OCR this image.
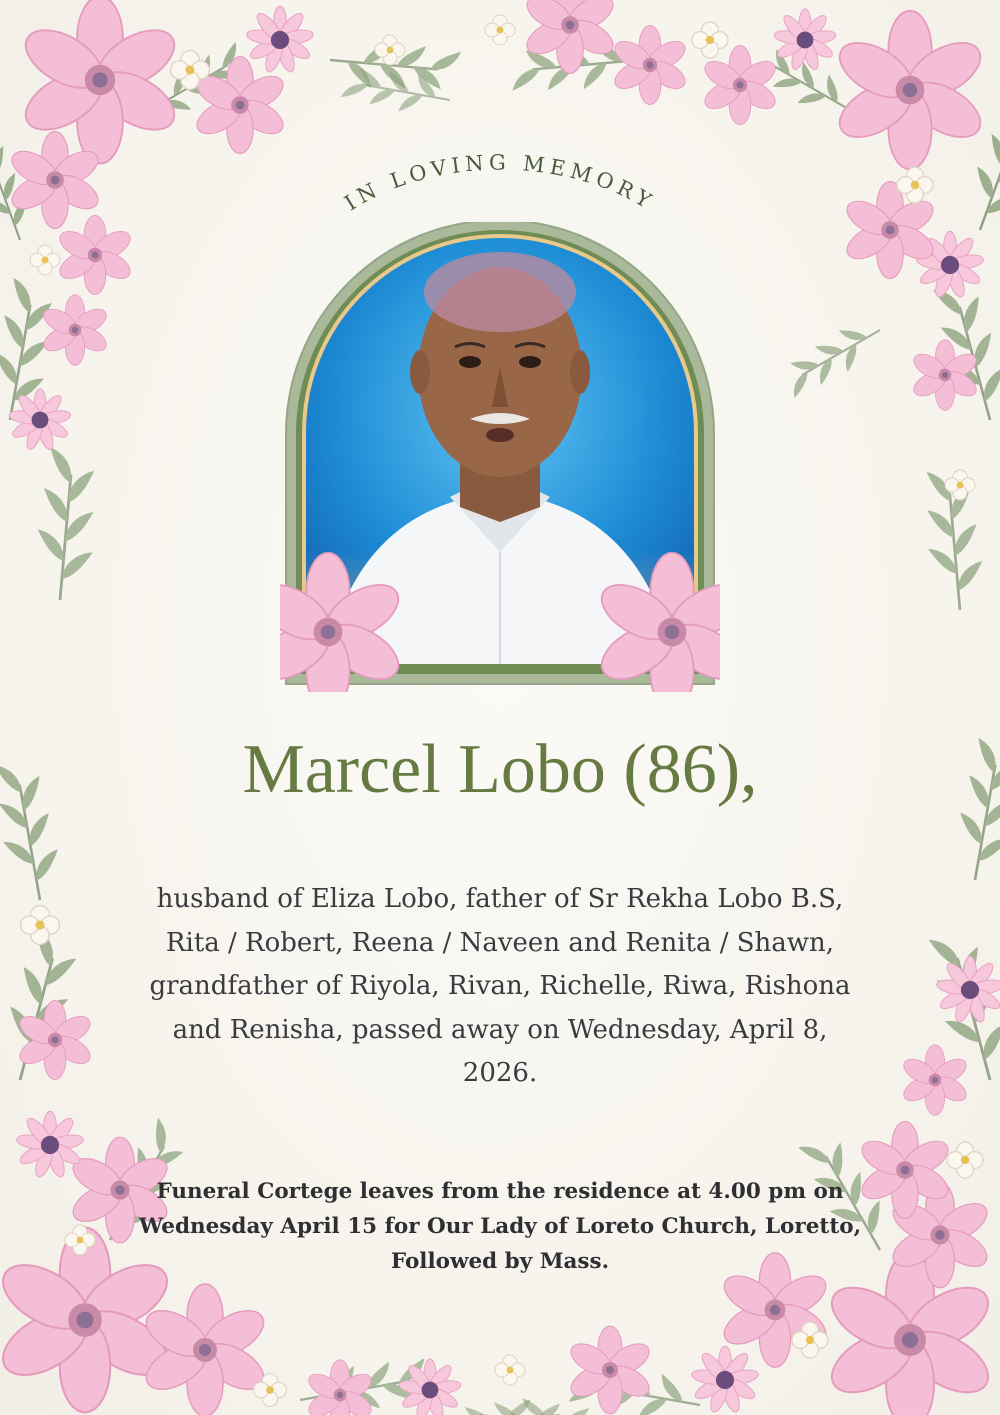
IN LOVING MEMORY
Marcel Lobo (86),

husband of Eliza Lobo, father of Sr Rekha Lobo B.S, Rita / Robert, Reena / Naveen and Renita / Shawn, grandfather of Riyola, Rivan, Richelle, Riwa, Rishona and Renisha, passed away on Wednesday, April 8, 2026.

Funeral Cortege leaves from the residence at 4.00 pm on Wednesday April 15 for Our Lady of Loreto Church, Loretto, Followed by Mass.
